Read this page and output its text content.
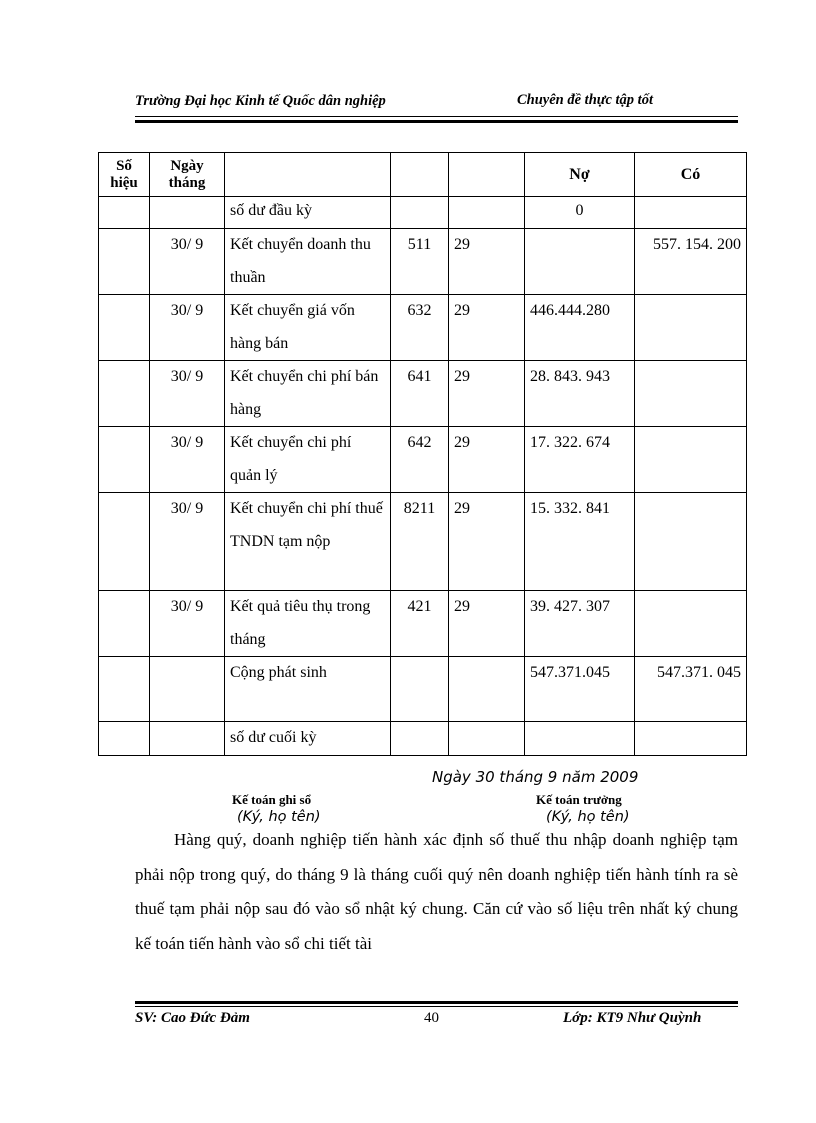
Trường Đại học Kinh tế Quốc dân nghiệp	Chuyên đề thực tập tốt
Số hiệu	Ngày tháng				Nợ	Có
		số dư đầu kỳ			0	
	30/ 9	Kết chuyển doanh thu thuần	511	29		557. 154. 200
	30/ 9	Kết chuyển giá vốn hàng bán	632	29	446.444.280	
	30/ 9	Kết chuyển chi phí bán hàng	641	29	28. 843. 943	
	30/ 9	Kết chuyển chi phí quản lý	642	29	17. 322. 674	
	30/ 9	Kết chuyển chi phí thuế TNDN tạm nộp	8211	29	15. 332. 841	
	30/ 9	Kết quả tiêu thụ trong tháng	421	29	39. 427. 307	
		Cộng phát sinh			547.371.045	547.371. 045
		số dư cuối kỳ				
Ngày 30 tháng 9 năm 2009
Kế toán ghi sổ	Kế toán trưởng
(Ký, họ tên)	(Ký, họ tên)
Hàng quý, doanh nghiệp tiến hành xác định số thuế thu nhập doanh nghiệp tạm phải nộp trong quý, do tháng 9 là tháng cuối quý nên doanh nghiệp tiến hành tính ra sè thuế tạm phải nộp sau đó vào sổ nhật ký chung. Căn cứ vào số liệu trên nhất ký chung kế toán tiến hành vào sổ chi tiết tài
SV: Cao Đức Đảm	40	Lớp: KT9 Như Quỳnh
